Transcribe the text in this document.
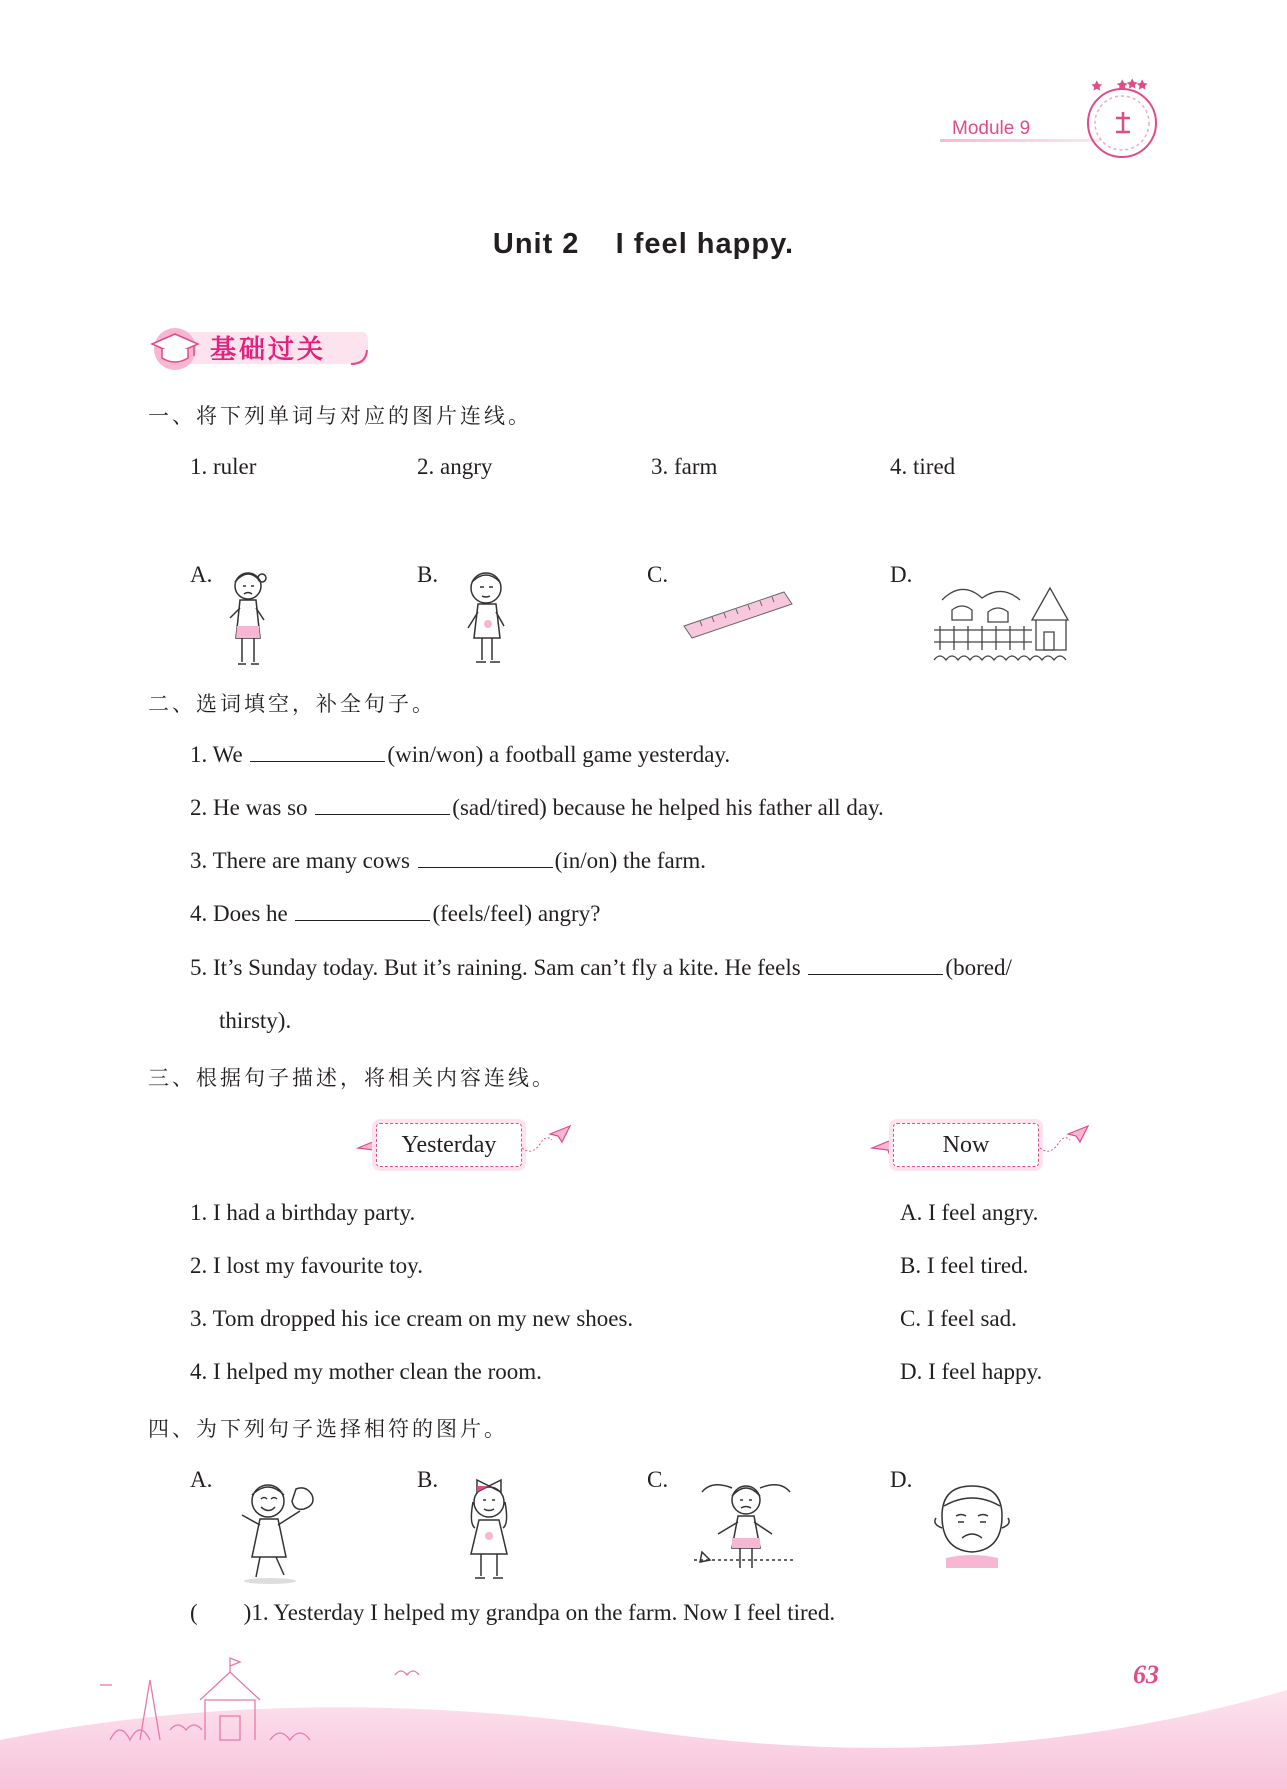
Module 9
Unit 2    I feel happy.
基础过关
一、将下列单词与对应的图片连线。
1. ruler	2. angry	3. farm	4. tired
A.	B.	C.	D.
二、选词填空，补全句子。
1. We	(win/won) a football game yesterday.
2. He was so	(sad/tired) because he helped his father all day.
3. There are many cows	(in/on) the farm.
4. Does he	(feels/feel) angry?
5. It’s Sunday today. But it’s raining. Sam can’t fly a kite. He feels	(bored/
thirsty).
三、根据句子描述，将相关内容连线。
Yesterday	Now
1. I had a birthday party.
2. I lost my favourite toy.
3. Tom dropped his ice cream on my new shoes.
4. I helped my mother clean the room.
A. I feel angry.
B. I feel tired.
C. I feel sad.
D. I feel happy.
四、为下列句子选择相符的图片。
A.	B.	C.	D.
(        )1. Yesterday I helped my grandpa on the farm. Now I feel tired.
63
